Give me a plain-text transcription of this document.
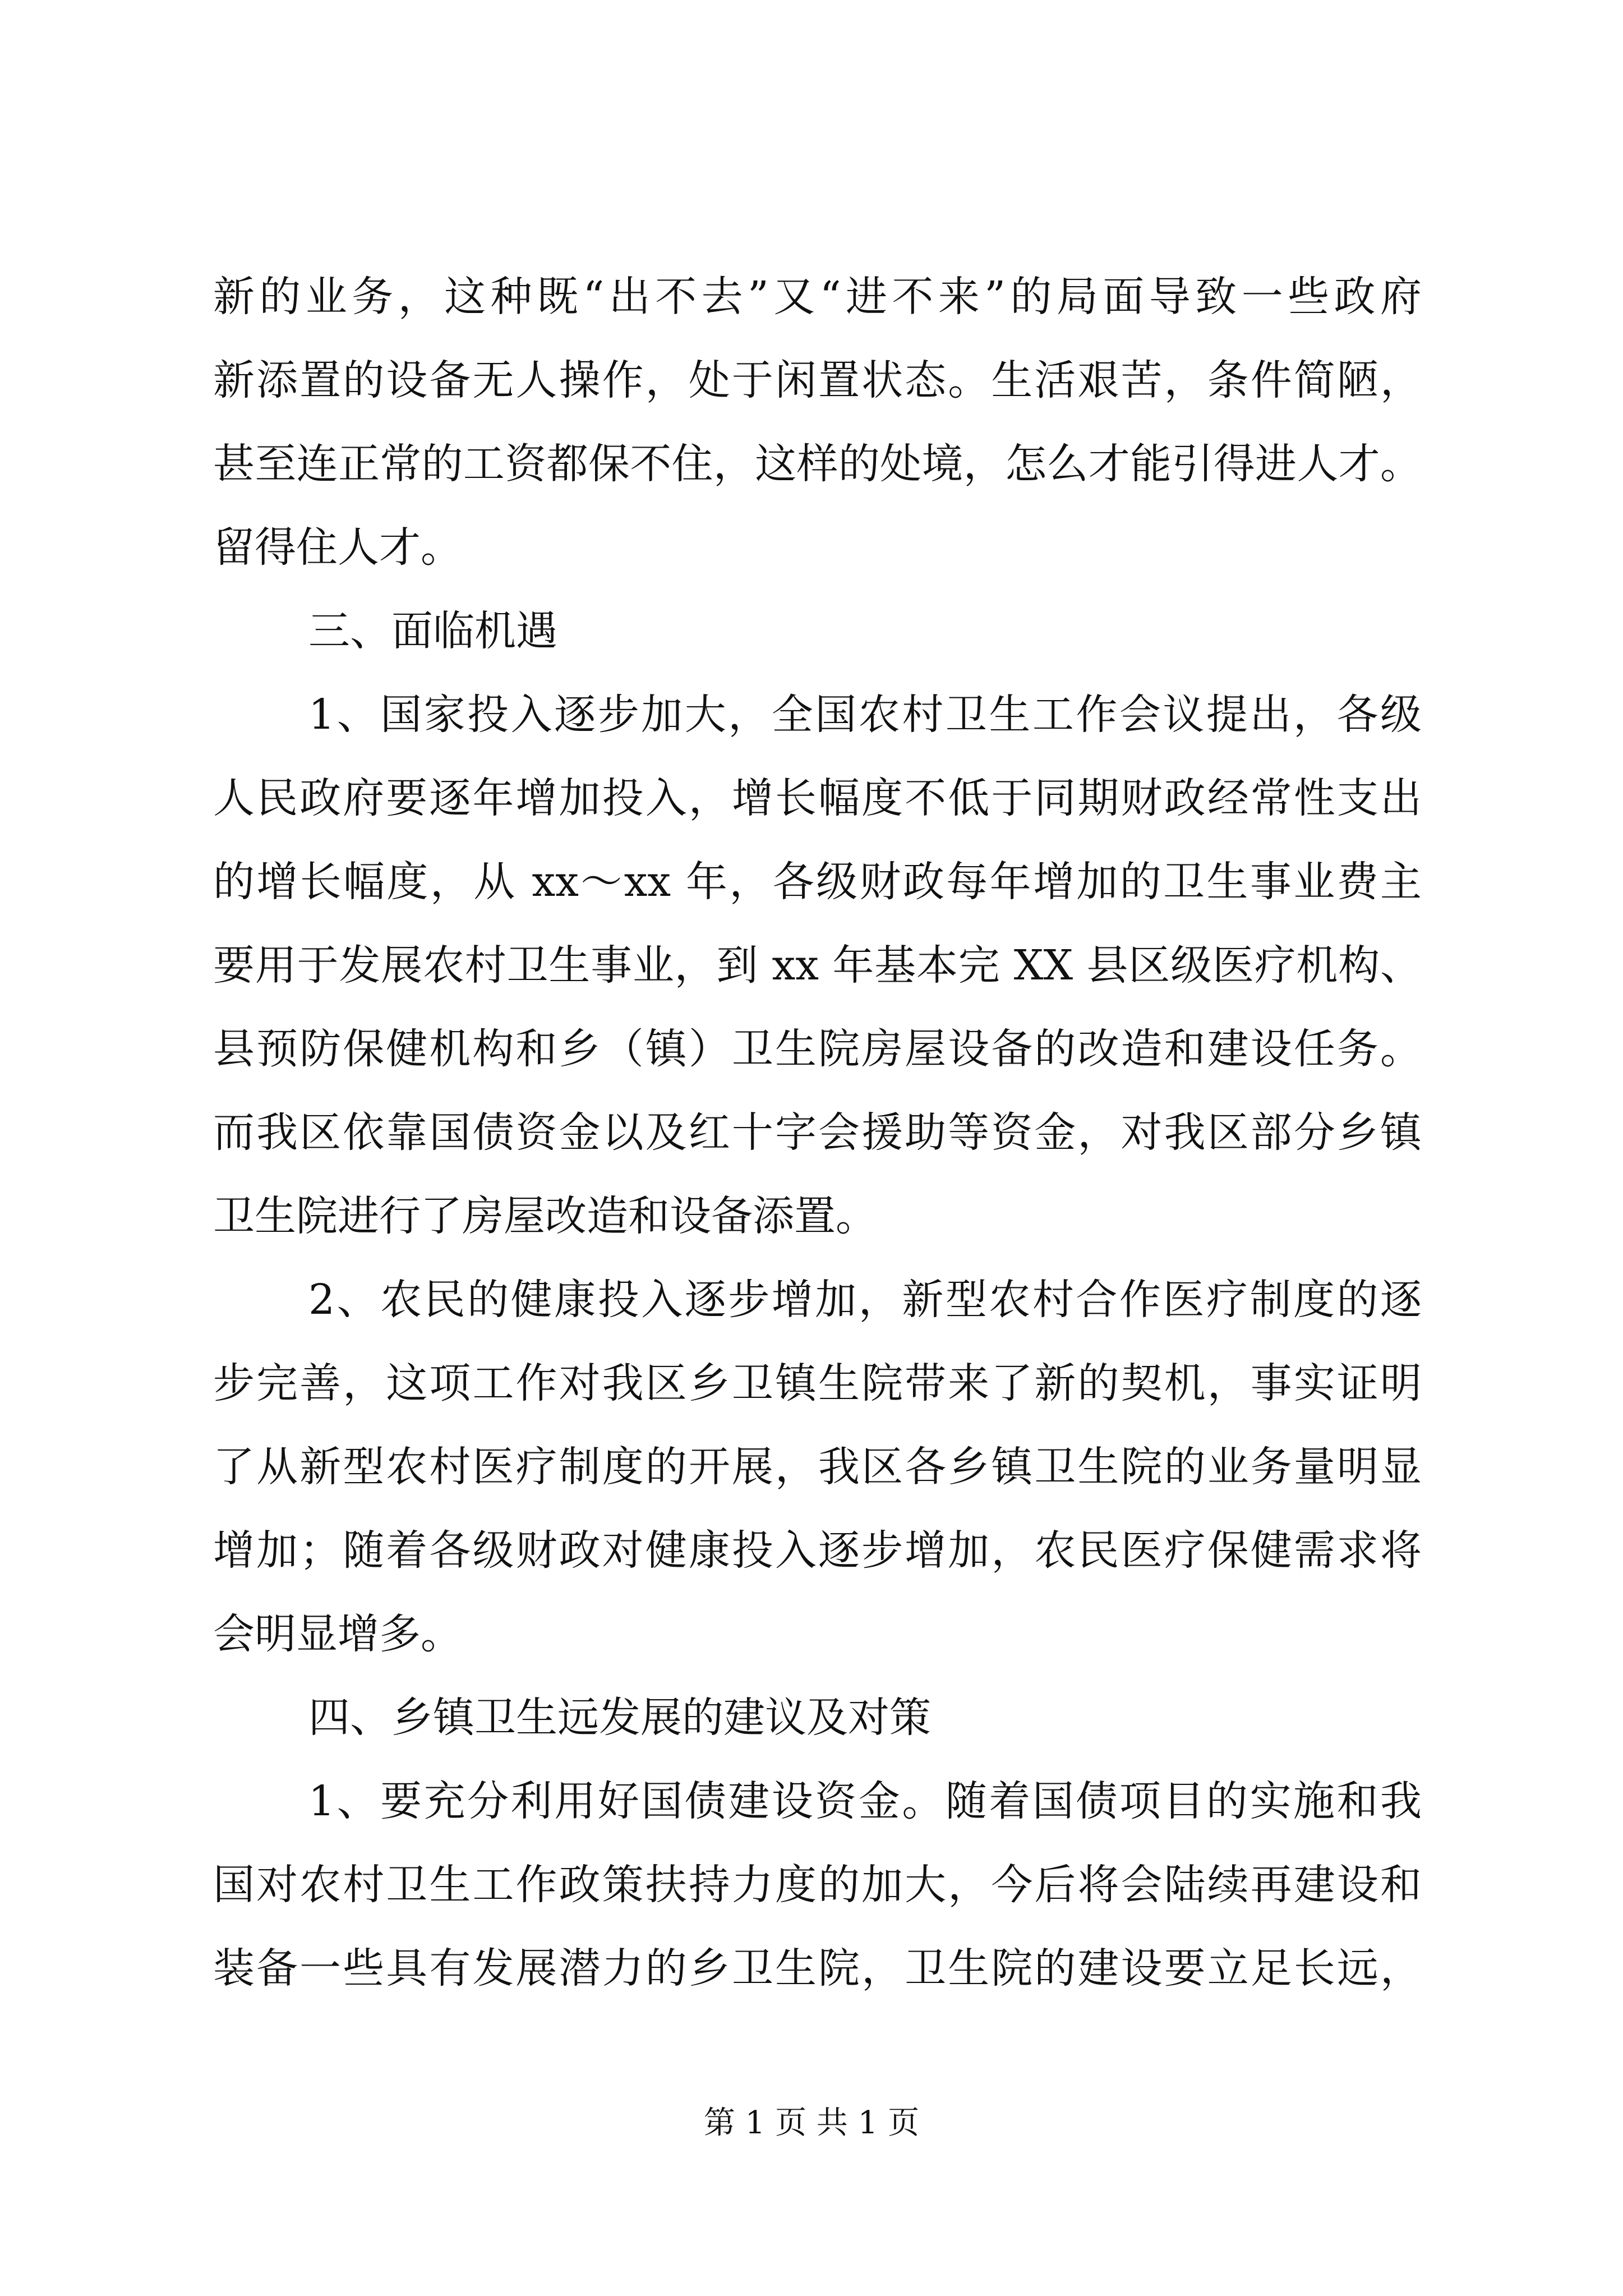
新的业务，这种既“出不去”又“进不来”的局面导致一些政府
新添置的设备无人操作，处于闲置状态。生活艰苦，条件简陋，
甚至连正常的工资都保不住，这样的处境，怎么才能引得进人才。
留得住人才。
三、面临机遇
1、国家投入逐步加大，全国农村卫生工作会议提出，各级
人民政府要逐年增加投入，增长幅度不低于同期财政经常性支出
的增长幅度，从 xx～xx 年，各级财政每年增加的卫生事业费主
要用于发展农村卫生事业，到 xx 年基本完 XX 县区级医疗机构、
县预防保健机构和乡（镇）卫生院房屋设备的改造和建设任务。
而我区依靠国债资金以及红十字会援助等资金，对我区部分乡镇
卫生院进行了房屋改造和设备添置。
2、农民的健康投入逐步增加，新型农村合作医疗制度的逐
步完善，这项工作对我区乡卫镇生院带来了新的契机，事实证明
了从新型农村医疗制度的开展，我区各乡镇卫生院的业务量明显
增加；随着各级财政对健康投入逐步增加，农民医疗保健需求将
会明显增多。
四、乡镇卫生远发展的建议及对策
1、要充分利用好国债建设资金。随着国债项目的实施和我
国对农村卫生工作政策扶持力度的加大，今后将会陆续再建设和
装备一些具有发展潜力的乡卫生院，卫生院的建设要立足长远，
第 1 页 共 1 页
